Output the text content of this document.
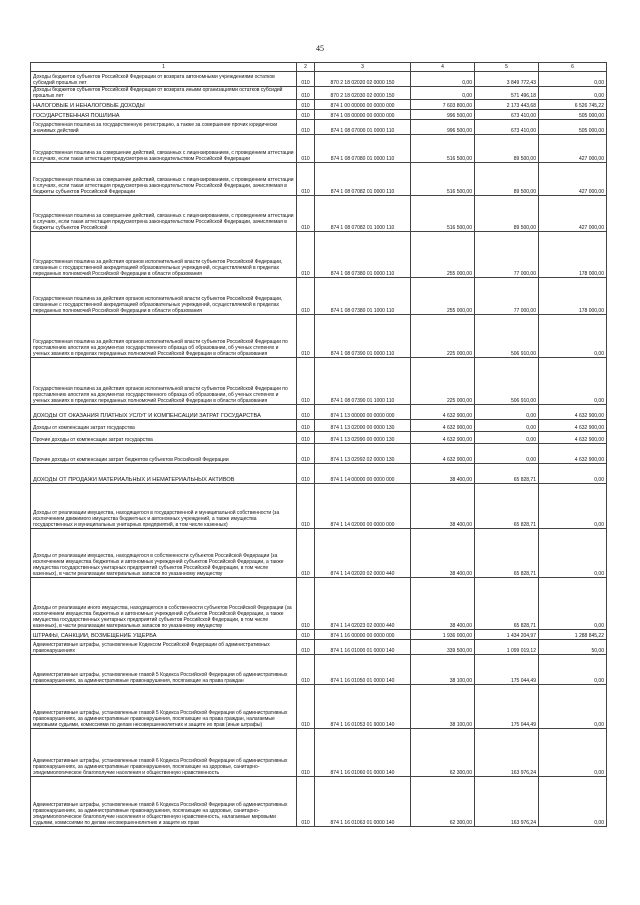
45
1	2	3	4	5	6
Доходы бюджетов субъектов Российской Федерации от возврата автономными учреждениями остатков субсидий прошлых лет	010	870 2 18 02020 02 0000 150	0,00	3 849 772,43	0,00
Доходы бюджетов субъектов Российской Федерации от возврата иными организациями остатков субсидий прошлых лет	010	870 2 18 02030 02 0000 150	0,00	571 496,18	0,00
НАЛОГОВЫЕ И НЕНАЛОГОВЫЕ ДОХОДЫ	010	874 1 00 00000 00 0000 000	7 603 800,00	2 173 443,68	6 526 745,22
ГОСУДАРСТВЕННАЯ ПОШЛИНА	010	874 1 08 00000 00 0000 000	996 500,00	673 410,00	505 000,00
Государственная пошлина за государственную регистрацию, а также за совершение прочих юридически значимых действий	010	874 1 08 07000 01 0000 110	996 500,00	673 410,00	505 000,00
Государственная пошлина за совершение действий, связанных с лицензированием, с проведением аттестации в случаях, если такая аттестация предусмотрена законодательством Российской Федерации	010	874 1 08 07080 01 0000 110	516 500,00	89 500,00	427 000,00
Государственная пошлина за совершение действий, связанных с лицензированием, с проведением аттестации в случаях, если такая аттестация предусмотрена законодательством Российской Федерации, зачисляемая в бюджеты субъектов Российской Федерации	010	874 1 08 07082 01 0000 110	516 500,00	89 500,00	427 000,00
Государственная пошлина за совершение действий, связанных с лицензированием, с проведением аттестации в случаях, если такая аттестация предусмотрена законодательством Российской Федерации, зачисляемая в бюджеты субъектов Российской	010	874 1 08 07082 01 1000 110	516 500,00	89 500,00	427 000,00
Государственная пошлина за действия органов исполнительной власти субъектов Российской Федерации, связанные с государственной аккредитацией образовательных учреждений, осуществляемой в пределах переданных полномочий Российской Федерации в области образования	010	874 1 08 07380 01 0000 110	255 000,00	77 000,00	178 000,00
Государственная пошлина за действия органов исполнительной власти субъектов Российской Федерации, связанные с государственной аккредитацией образовательных учреждений, осуществляемой в пределах переданных полномочий Российской Федерации в области образования	010	874 1 08 07380 01 1000 110	255 000,00	77 000,00	178 000,00
Государственная пошлина за действия органов исполнительной власти субъектов Российской Федерации по проставлению апостиля на документах государственного образца об образовании, об ученых степенях и ученых званиях в пределах переданных полномочий Российской Федерации в области образования	010	874 1 08 07390 01 0000 110	225 000,00	506 910,00	0,00
Государственная пошлина за действия органов исполнительной власти субъектов Российской Федерации по проставлению апостиля на документах государственного образца об образовании, об ученых степенях и ученых званиях в пределах переданных полномочий Российской Федерации в области образования	010	874 1 08 07390 01 1000 110	225 000,00	506 910,00	0,00
ДОХОДЫ ОТ ОКАЗАНИЯ ПЛАТНЫХ УСЛУГ И КОМПЕНСАЦИИ ЗАТРАТ ГОСУДАРСТВА	010	874 1 13 00000 00 0000 000	4 632 900,00	0,00	4 632 900,00
Доходы от компенсации затрат государства	010	874 1 13 02000 00 0000 130	4 632 900,00	0,00	4 632 900,00
Прочие доходы от компенсации затрат государства	010	874 1 13 02990 00 0000 130	4 632 900,00	0,00	4 632 900,00
Прочие доходы от компенсации затрат бюджетов субъектов Российской Федерации	010	874 1 13 02992 02 0000 130	4 632 900,00	0,00	4 632 900,00
ДОХОДЫ ОТ ПРОДАЖИ МАТЕРИАЛЬНЫХ И НЕМАТЕРИАЛЬНЫХ АКТИВОВ	010	874 1 14 00000 00 0000 000	38 400,00	65 828,71	0,00
Доходы от реализации имущества, находящегося в государственной и муниципальной собственности (за исключением движимого имущества бюджетных и автономных учреждений, а также имущества государственных и муниципальных унитарных предприятий, в том числе казенных)	010	874 1 14 02000 00 0000 000	38 400,00	65 828,71	0,00
Доходы от реализации имущества, находящегося в собственности субъектов Российской Федерации (за исключением имущества бюджетных и автономных учреждений субъектов Российской Федерации, а также имущества государственных унитарных предприятий субъектов Российской Федерации, в том числе казенных), в части реализации материальных запасов по указанному имуществу	010	874 1 14 02020 02 0000 440	38 400,00	65 828,71	0,00
Доходы от реализации иного имущества, находящегося в собственности субъектов Российской Федерации (за исключением имущества бюджетных и автономных учреждений субъектов Российской Федерации, а также имущества государственных унитарных предприятий субъектов Российской Федерации, в том числе казенных), в части реализации материальных запасов по указанному имуществу	010	874 1 14 02023 02 0000 440	38 400,00	65 828,71	0,00
ШТРАФЫ, САНКЦИИ, ВОЗМЕЩЕНИЕ УЩЕРБА	010	874 1 16 00000 00 0000 000	1 936 000,00	1 434 204,97	1 288 845,22
Административные штрафы, установленные Кодексом Российской Федерации об административных правонарушениях	010	874 1 16 01000 01 0000 140	339 500,00	1 099 019,12	50,00
Административные штрафы, установленные главой 5 Кодекса Российской Федерации об административных правонарушениях, за административные правонарушения, посягающие на права граждан	010	874 1 16 01050 01 0000 140	38 100,00	175 044,49	0,00
Административные штрафы, установленные главой 5 Кодекса Российской Федерации об административных правонарушениях, за административные правонарушения, посягающие на права граждан, налагаемые мировыми судьями, комиссиями по делам несовершеннолетних и защите их прав (иные штрафы)	010	874 1 16 01053 01 9000 140	38 100,00	175 044,49	0,00
Административные штрафы, установленные главой 6 Кодекса Российской Федерации об административных правонарушениях, за административные правонарушения, посягающие на здоровье, санитарно-эпидемиологическое благополучие населения и общественную нравственность	010	874 1 16 01060 01 0000 140	62 300,00	163 976,24	0,00
Административные штрафы, установленные главой 6 Кодекса Российской Федерации об административных правонарушениях, за административные правонарушения, посягающие на здоровье, санитарно-эпидемиологическое благополучие населения и общественную нравственность, налагаемые мировыми судьями, комиссиями по делам несовершеннолетних и защите их прав	010	874 1 16 01063 01 0000 140	62 300,00	163 976,24	0,00
